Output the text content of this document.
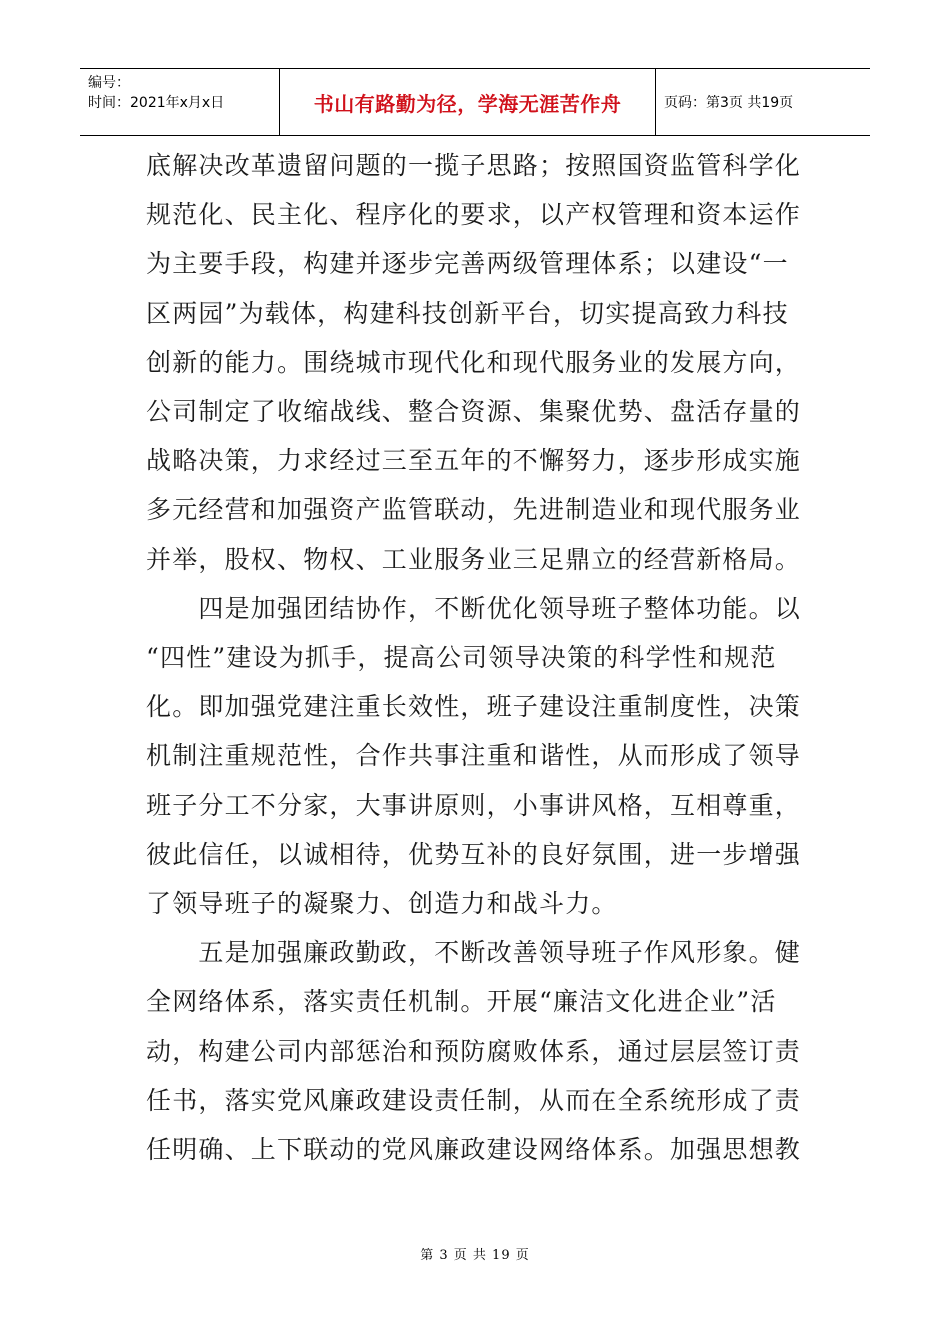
编号：
时间：2021年x月x日	书山有路勤为径，学海无涯苦作舟	页码：第3页 共19页

底解决改革遗留问题的一揽子思路；按照国资监管科学化

规范化、民主化、程序化的要求，以产权管理和资本运作

为主要手段，构建并逐步完善两级管理体系；以建设“一

区两园”为载体，构建科技创新平台，切实提高致力科技

创新的能力。围绕城市现代化和现代服务业的发展方向，

公司制定了收缩战线、整合资源、集聚优势、盘活存量的

战略决策，力求经过三至五年的不懈努力，逐步形成实施

多元经营和加强资产监管联动，先进制造业和现代服务业

并举，股权、物权、工业服务业三足鼎立的经营新格局。

　　四是加强团结协作，不断优化领导班子整体功能。以

“四性”建设为抓手，提高公司领导决策的科学性和规范

化。即加强党建注重长效性，班子建设注重制度性，决策

机制注重规范性，合作共事注重和谐性，从而形成了领导

班子分工不分家，大事讲原则，小事讲风格，互相尊重，

彼此信任，以诚相待，优势互补的良好氛围，进一步增强

了领导班子的凝聚力、创造力和战斗力。

　　五是加强廉政勤政，不断改善领导班子作风形象。健

全网络体系，落实责任机制。开展“廉洁文化进企业”活

动，构建公司内部惩治和预防腐败体系，通过层层签订责

任书，落实党风廉政建设责任制，从而在全系统形成了责

任明确、上下联动的党风廉政建设网络体系。加强思想教

第 3 页 共 19 页
